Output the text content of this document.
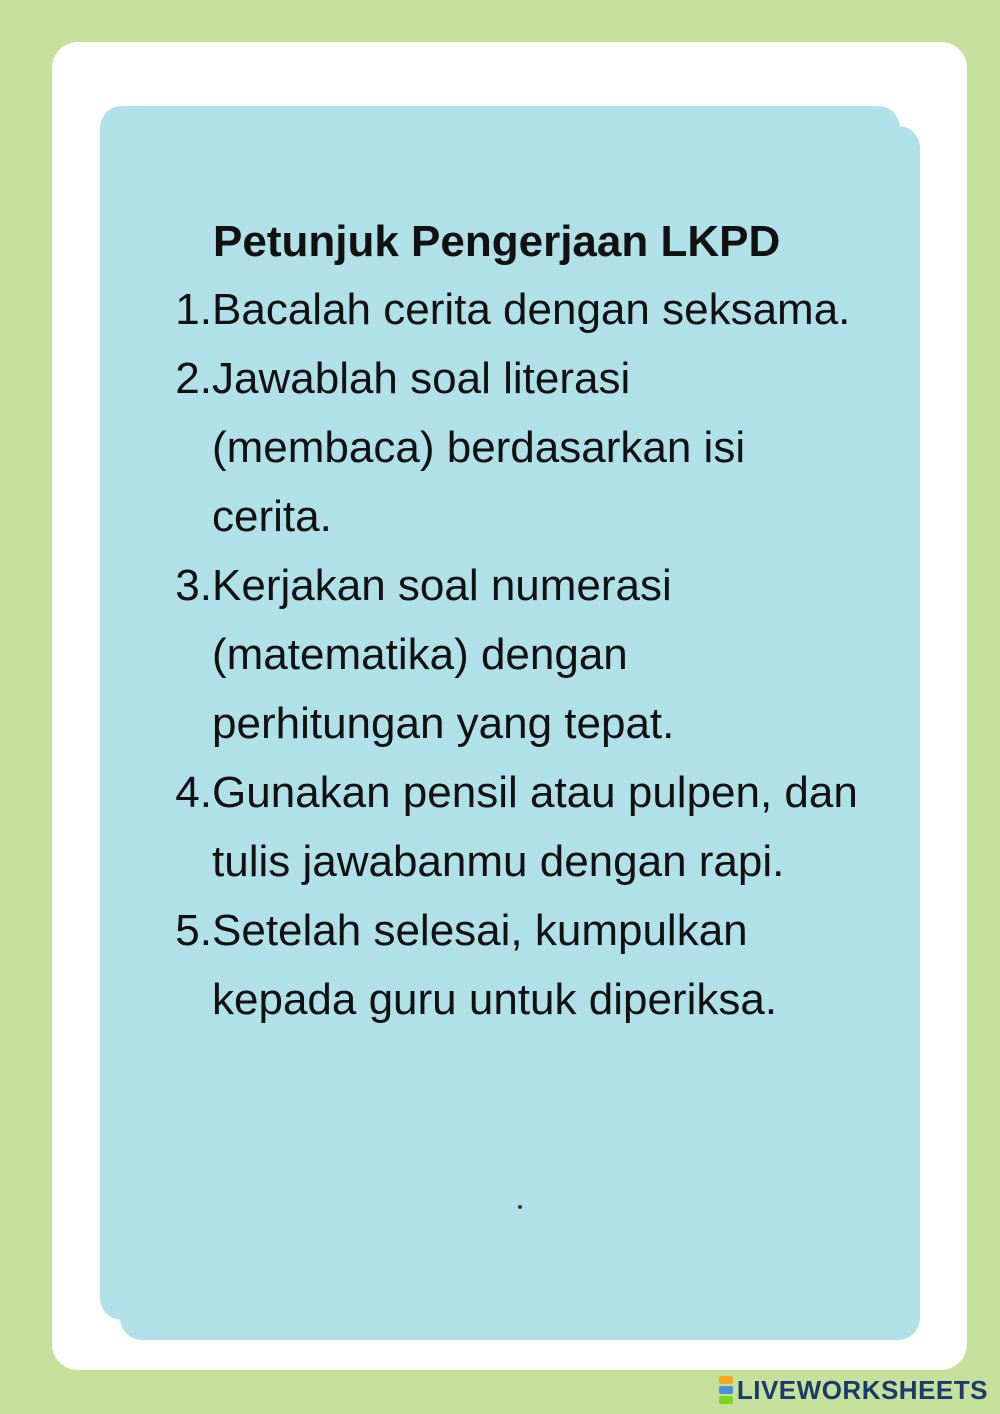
Petunjuk Pengerjaan LKPD
1. Bacalah cerita dengan seksama.
2. Jawablah soal literasi (membaca) berdasarkan isi cerita.
3. Kerjakan soal numerasi (matematika) dengan perhitungan yang tepat.
4. Gunakan pensil atau pulpen, dan tulis jawabanmu dengan rapi.
5. Setelah selesai, kumpulkan kepada guru untuk diperiksa.
LIVEWORKSHEETS
